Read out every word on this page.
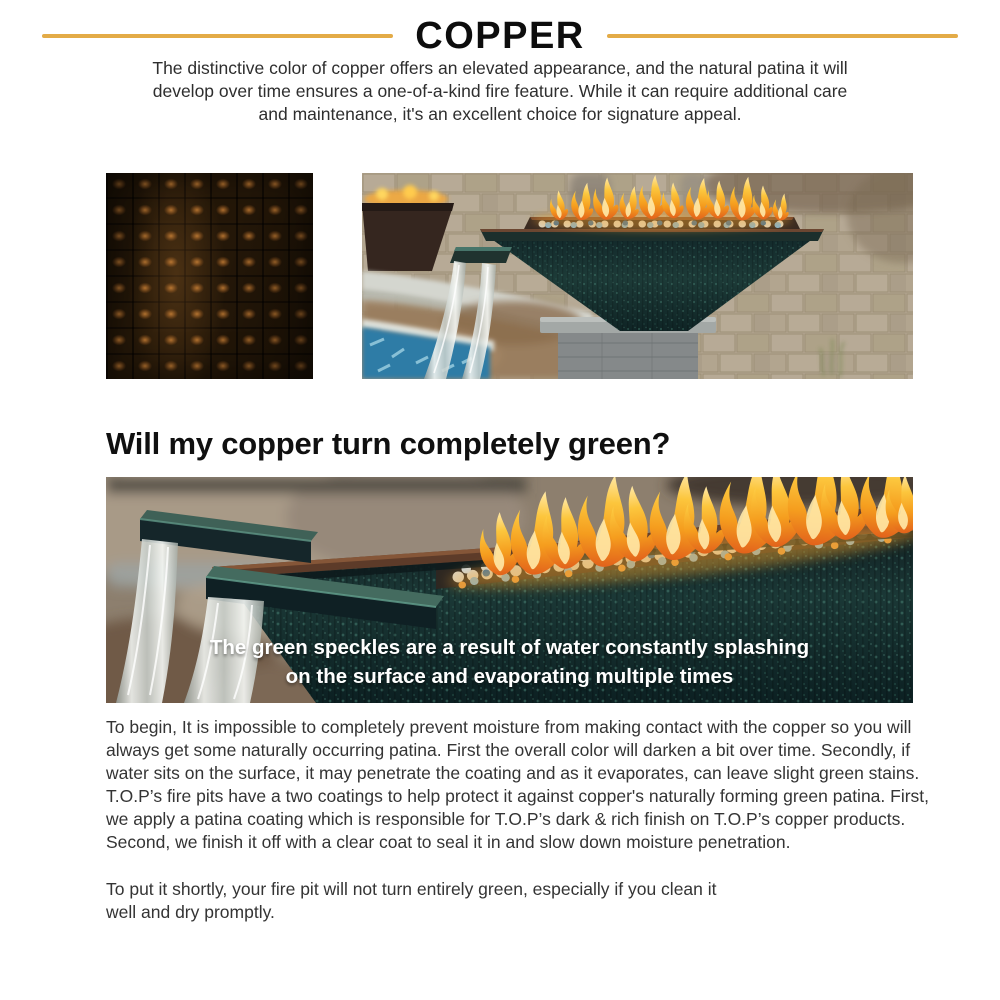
COPPER

The distinctive color of copper offers an elevated appearance, and the natural patina it will
develop over time ensures a one-of-a-kind fire feature. While it can require additional care
and maintenance, it's an excellent choice for signature appeal.

Will my copper turn completely green?
The green speckles are a result of water constantly splashing
on the surface and evaporating multiple times

To begin, It is impossible to completely prevent moisture from making contact with the copper so you will always get some naturally occurring patina. First the overall color will darken a bit over time. Secondly, if water sits on the surface, it may penetrate the coating and as it evaporates, can leave slight green stains. T.O.P’s fire pits have a two coatings to help protect it against copper's naturally forming green patina. First, we apply a patina coating which is responsible for T.O.P’s dark & rich finish on T.O.P’s copper products. Second, we finish it off with a clear coat to seal it in and slow down moisture penetration.

To put it shortly, your fire pit will not turn entirely green, especially if you clean it
well and dry promptly.
